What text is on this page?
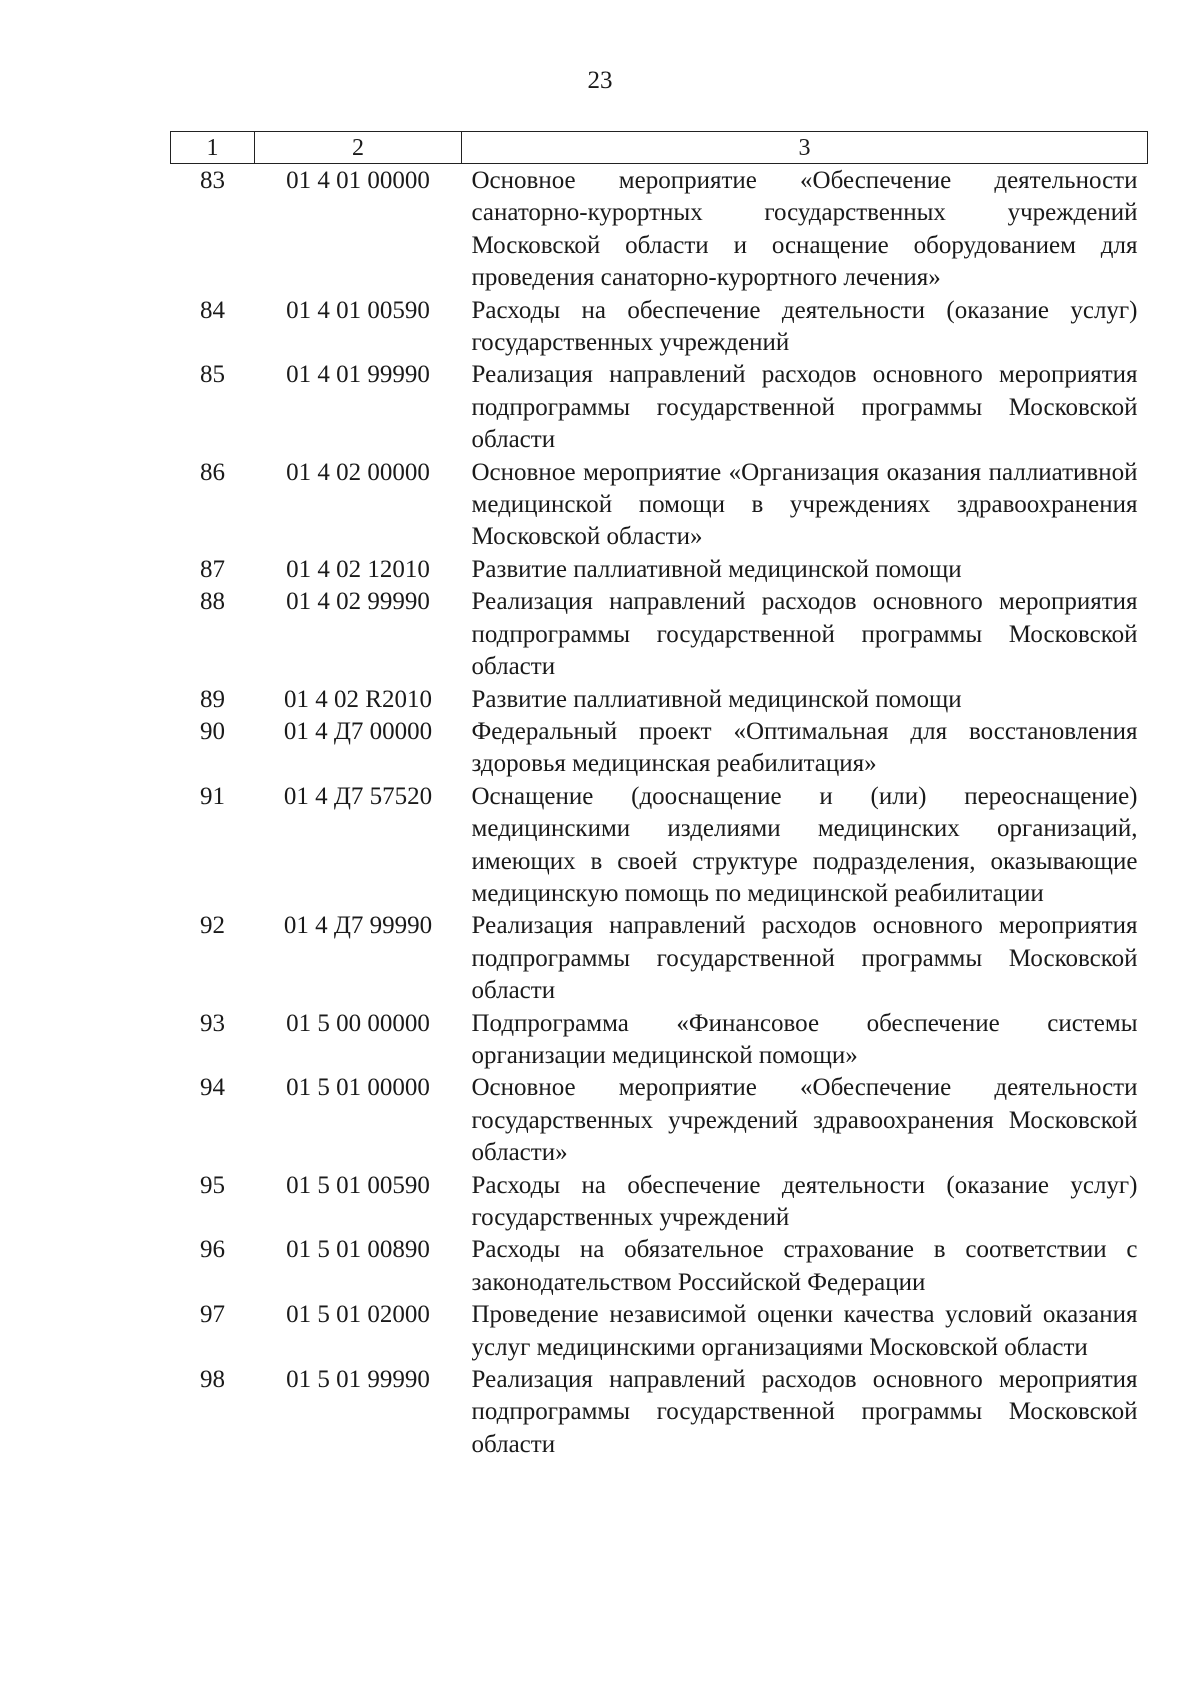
23
1	2	3
83	01 4 01 00000	Основное мероприятие «Обеспечение деятельности санаторно-курортных государственных учреждений Московской области и оснащение оборудованием для проведения санаторно-курортного лечения»
84	01 4 01 00590	Расходы на обеспечение деятельности (оказание услуг) государственных учреждений
85	01 4 01 99990	Реализация направлений расходов основного мероприятия подпрограммы государственной программы Московской области
86	01 4 02 00000	Основное мероприятие «Организация оказания паллиативной медицинской помощи в учреждениях здравоохранения Московской области»
87	01 4 02 12010	Развитие паллиативной медицинской помощи
88	01 4 02 99990	Реализация направлений расходов основного мероприятия подпрограммы государственной программы Московской области
89	01 4 02 R2010	Развитие паллиативной медицинской помощи
90	01 4 Д7 00000	Федеральный проект «Оптимальная для восстановления здоровья медицинская реабилитация»
91	01 4 Д7 57520	Оснащение (дооснащение и (или) переоснащение) медицинскими изделиями медицинских организаций, имеющих в своей структуре подразделения, оказывающие медицинскую помощь по медицинской реабилитации
92	01 4 Д7 99990	Реализация направлений расходов основного мероприятия подпрограммы государственной программы Московской области
93	01 5 00 00000	Подпрограмма «Финансовое обеспечение системы организации медицинской помощи»
94	01 5 01 00000	Основное мероприятие «Обеспечение деятельности государственных учреждений здравоохранения Московской области»
95	01 5 01 00590	Расходы на обеспечение деятельности (оказание услуг) государственных учреждений
96	01 5 01 00890	Расходы на обязательное страхование в соответствии с законодательством Российской Федерации
97	01 5 01 02000	Проведение независимой оценки качества условий оказания услуг медицинскими организациями Московской области
98	01 5 01 99990	Реализация направлений расходов основного мероприятия подпрограммы государственной программы Московской области
